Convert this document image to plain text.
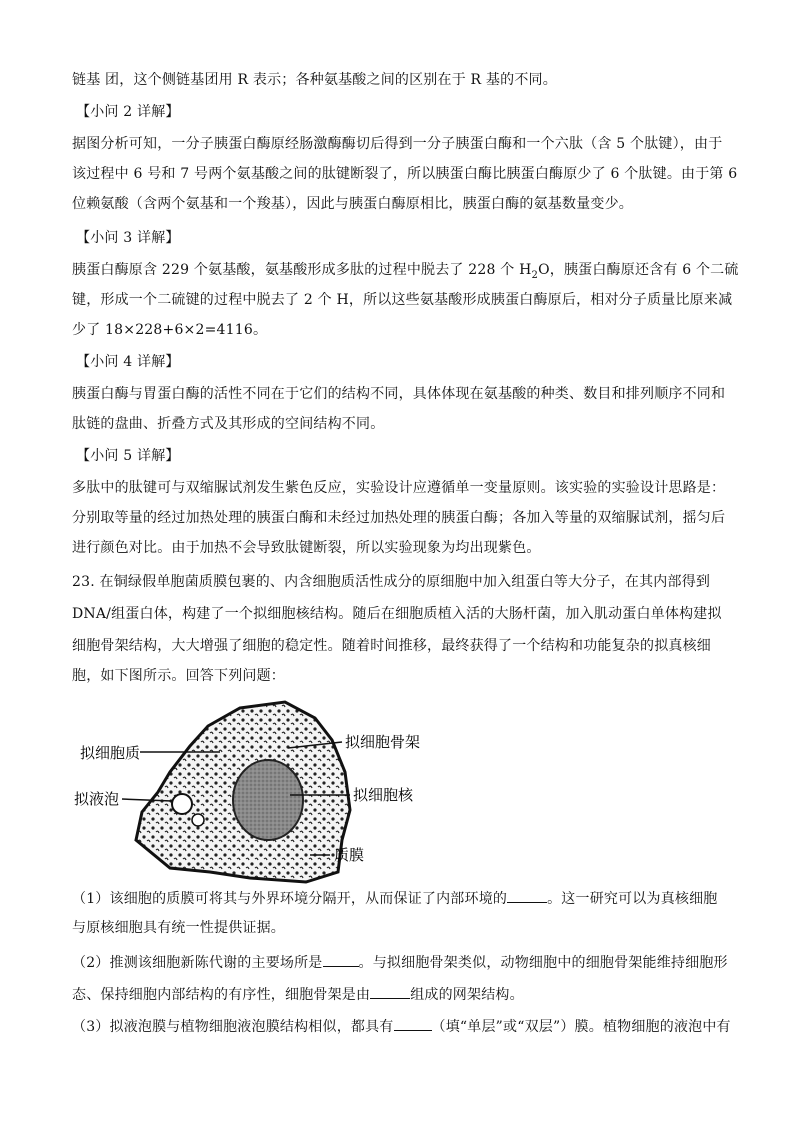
链基 团，这个侧链基团用 R 表示；各种氨基酸之间的区别在于 R 基的不同。
【小问 2 详解】
据图分析可知，一分子胰蛋白酶原经肠激酶酶切后得到一分子胰蛋白酶和一个六肽（含 5 个肽键），由于
该过程中 6 号和 7 号两个氨基酸之间的肽键断裂了，所以胰蛋白酶比胰蛋白酶原少了 6 个肽键。由于第 6
位赖氨酸（含两个氨基和一个羧基），因此与胰蛋白酶原相比，胰蛋白酶的氨基数量变少。
【小问 3 详解】
胰蛋白酶原含 229 个氨基酸，氨基酸形成多肽的过程中脱去了 228 个 $H_2O$，胰蛋白酶原还含有 6 个二硫
键，形成一个二硫键的过程中脱去了 2 个 H，所以这些氨基酸形成胰蛋白酶原后，相对分子质量比原来减
少了 18×228+6×2=4116。
【小问 4 详解】
胰蛋白酶与胃蛋白酶的活性不同在于它们的结构不同，具体体现在氨基酸的种类、数目和排列顺序不同和
肽链的盘曲、折叠方式及其形成的空间结构不同。
【小问 5 详解】
多肽中的肽键可与双缩脲试剂发生紫色反应，实验设计应遵循单一变量原则。该实验的实验设计思路是：
分别取等量的经过加热处理的胰蛋白酶和未经过加热处理的胰蛋白酶；各加入等量的双缩脲试剂，摇匀后
进行颜色对比。由于加热不会导致肽键断裂，所以实验现象为均出现紫色。
23. 在铜绿假单胞菌质膜包裹的、内含细胞质活性成分的原细胞中加入组蛋白等大分子，在其内部得到
DNA/组蛋白体，构建了一个拟细胞核结构。随后在细胞质植入活的大肠杆菌，加入肌动蛋白单体构建拟
细胞骨架结构，大大增强了细胞的稳定性。随着时间推移，最终获得了一个结构和功能复杂的拟真核细
胞，如下图所示。回答下列问题：
拟细胞质
拟液泡
拟细胞骨架
拟细胞核
质膜
（1）该细胞的质膜可将其与外界环境分隔开，从而保证了内部环境的	。这一研究可以为真核细胞
与原核细胞具有统一性提供证据。
（2）推测该细胞新陈代谢的主要场所是	。与拟细胞骨架类似，动物细胞中的细胞骨架能维持细胞形
态、保持细胞内部结构的有序性，细胞骨架是由	组成的网架结构。
（3）拟液泡膜与植物细胞液泡膜结构相似，都具有	（填“单层”或“双层”）膜。植物细胞的液泡中有
